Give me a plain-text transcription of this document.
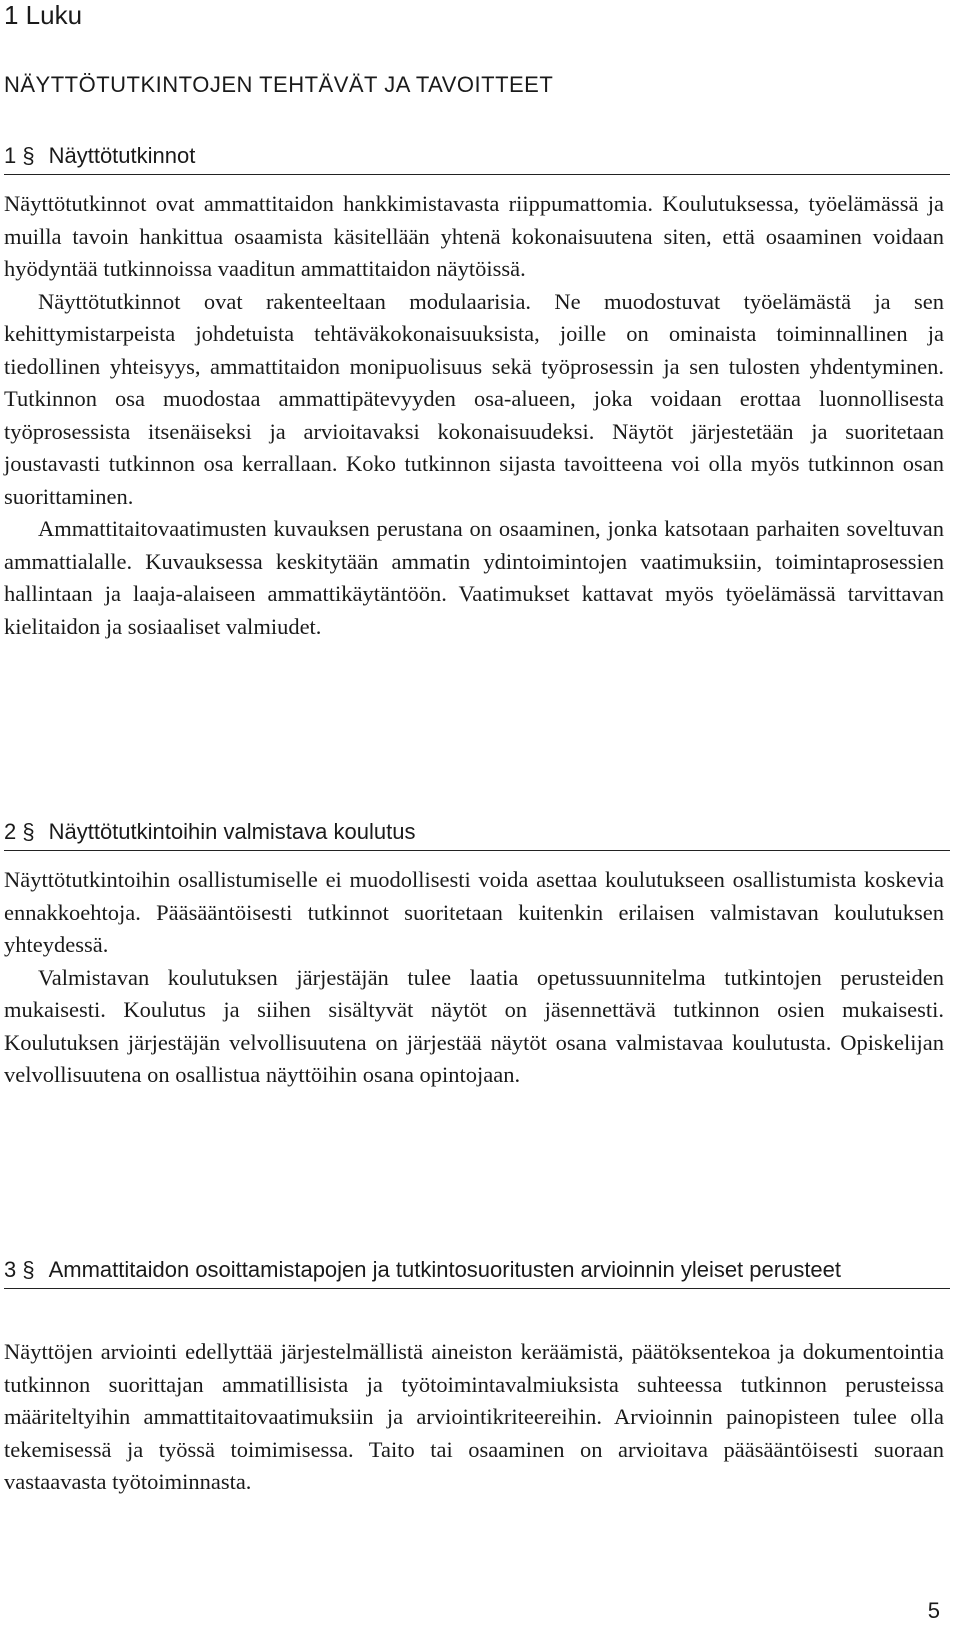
1 Luku
NÄYTTÖTUTKINTOJEN TEHTÄVÄT JA TAVOITTEET
1 § Näyttötutkinnot

Näyttötutkinnot ovat ammattitaidon hankkimistavasta riippumattomia. Koulutuksessa, työelämässä ja muilla tavoin hankittua osaamista käsitellään yhtenä kokonaisuutena siten, että osaaminen voidaan hyödyntää tutkinnoissa vaaditun ammattitaidon näytöissä.

Näyttötutkinnot ovat rakenteeltaan modulaarisia. Ne muodostuvat työelämästä ja sen kehittymistarpeista johdetuista tehtäväkokonaisuuksista, joille on ominaista toiminnallinen ja tiedollinen yhteisyys, ammattitaidon monipuolisuus sekä työprosessin ja sen tulosten yhdentyminen. Tutkinnon osa muodostaa ammattipätevyyden osa-alueen, joka voidaan erottaa luonnollisesta työprosessista itsenäiseksi ja arvioitavaksi kokonaisuudeksi. Näytöt järjestetään ja suoritetaan joustavasti tutkinnon osa kerrallaan. Koko tutkinnon sijasta tavoitteena voi olla myös tutkinnon osan suorittaminen.

Ammattitaitovaatimusten kuvauksen perustana on osaaminen, jonka katsotaan parhaiten soveltuvan ammattialalle. Kuvauksessa keskitytään ammatin ydintoimintojen vaatimuksiin, toimintaprosessien hallintaan ja laaja-alaiseen ammattikäytäntöön. Vaatimukset kattavat myös työelämässä tarvittavan kielitaidon ja sosiaaliset valmiudet.

2 § Näyttötutkintoihin valmistava koulutus

Näyttötutkintoihin osallistumiselle ei muodollisesti voida asettaa koulutukseen osallistumista koskevia ennakkoehtoja. Pääsääntöisesti tutkinnot suoritetaan kuitenkin erilaisen valmistavan koulutuksen yhteydessä.

Valmistavan koulutuksen järjestäjän tulee laatia opetussuunnitelma tutkintojen perusteiden mukaisesti. Koulutus ja siihen sisältyvät näytöt on jäsennettävä tutkinnon osien mukaisesti. Koulutuksen järjestäjän velvollisuutena on järjestää näytöt osana valmistavaa koulutusta. Opiskelijan velvollisuutena on osallistua näyttöihin osana opintojaan.

3 § Ammattitaidon osoittamistapojen ja tutkintosuoritusten arvioinnin yleiset perusteet

Näyttöjen arviointi edellyttää järjestelmällistä aineiston keräämistä, päätöksentekoa ja dokumentointia tutkinnon suorittajan ammatillisista ja työtoimintavalmiuksista suhteessa tutkinnon perusteissa määriteltyihin ammattitaitovaatimuksiin ja arviointikriteereihin. Arvioinnin painopisteen tulee olla tekemisessä ja työssä toimimisessa. Taito tai osaaminen on arvioitava pääsääntöisesti suoraan vastaavasta työtoiminnasta.

5
